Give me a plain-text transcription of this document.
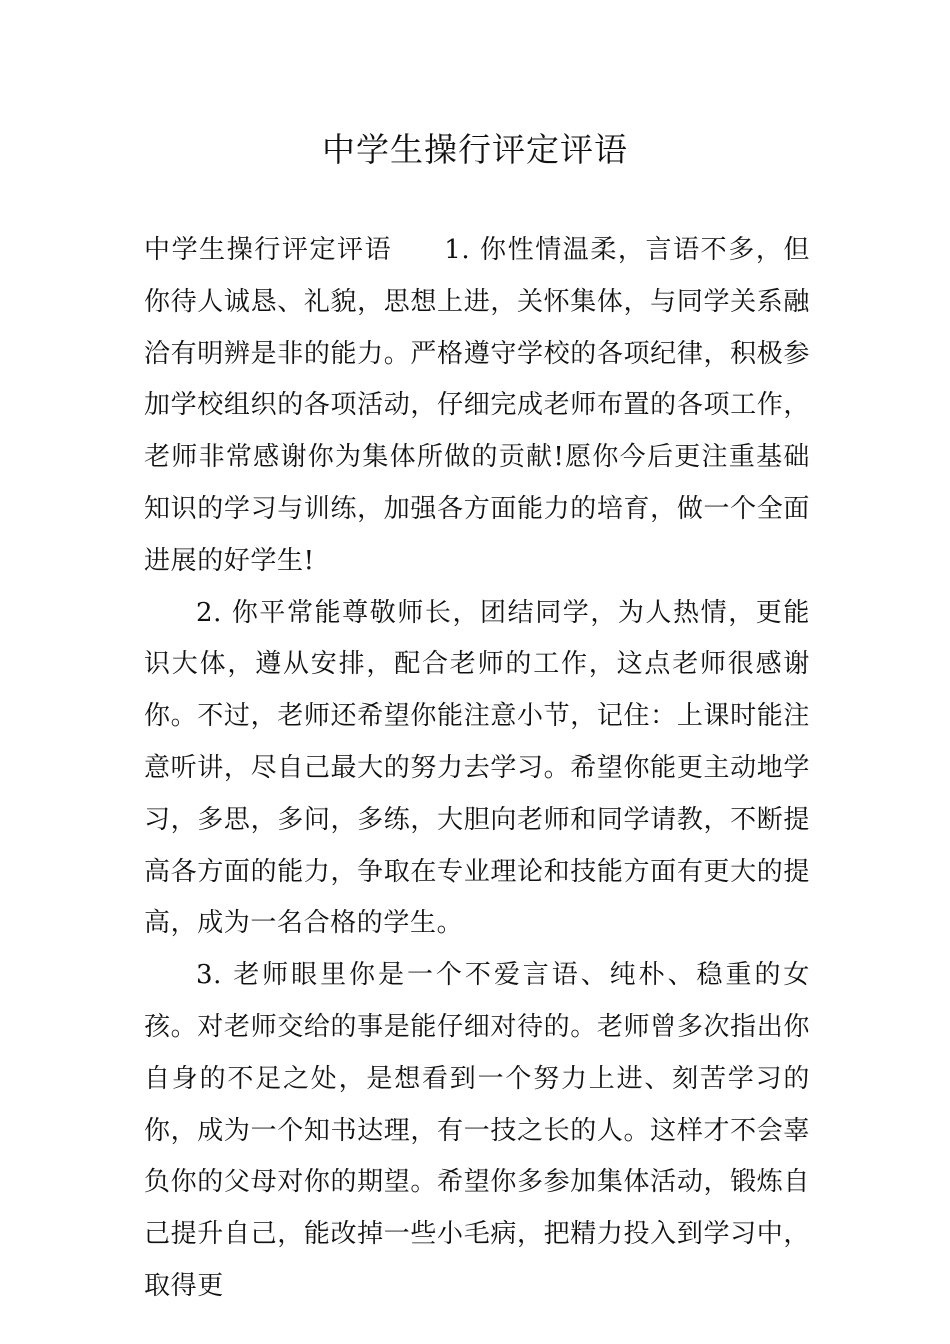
中学生操行评定评语

中学生操行评定评语 1. 你性情温柔，言语不多，但你待人诚恳、礼貌，思想上进，关怀集体，与同学关系融洽有明辨是非的能力。严格遵守学校的各项纪律，积极参加学校组织的各项活动，仔细完成老师布置的各项工作，老师非常感谢你为集体所做的贡献!愿你今后更注重基础知识的学习与训练，加强各方面能力的培育，做一个全面进展的好学生!

2. 你平常能尊敬师长，团结同学，为人热情，更能识大体，遵从安排，配合老师的工作，这点老师很感谢你。不过，老师还希望你能注意小节，记住：上课时能注意听讲，尽自己最大的努力去学习。希望你能更主动地学习，多思，多问，多练，大胆向老师和同学请教，不断提高各方面的能力，争取在专业理论和技能方面有更大的提高，成为一名合格的学生。

3. 老师眼里你是一个不爱言语、纯朴、稳重的女孩。对老师交给的事是能仔细对待的。老师曾多次指出你自身的不足之处，是想看到一个努力上进、刻苦学习的你，成为一个知书达理，有一技之长的人。这样才不会辜负你的父母对你的期望。希望你多参加集体活动，锻炼自己提升自己，能改掉一些小毛病，把精力投入到学习中，取得更
